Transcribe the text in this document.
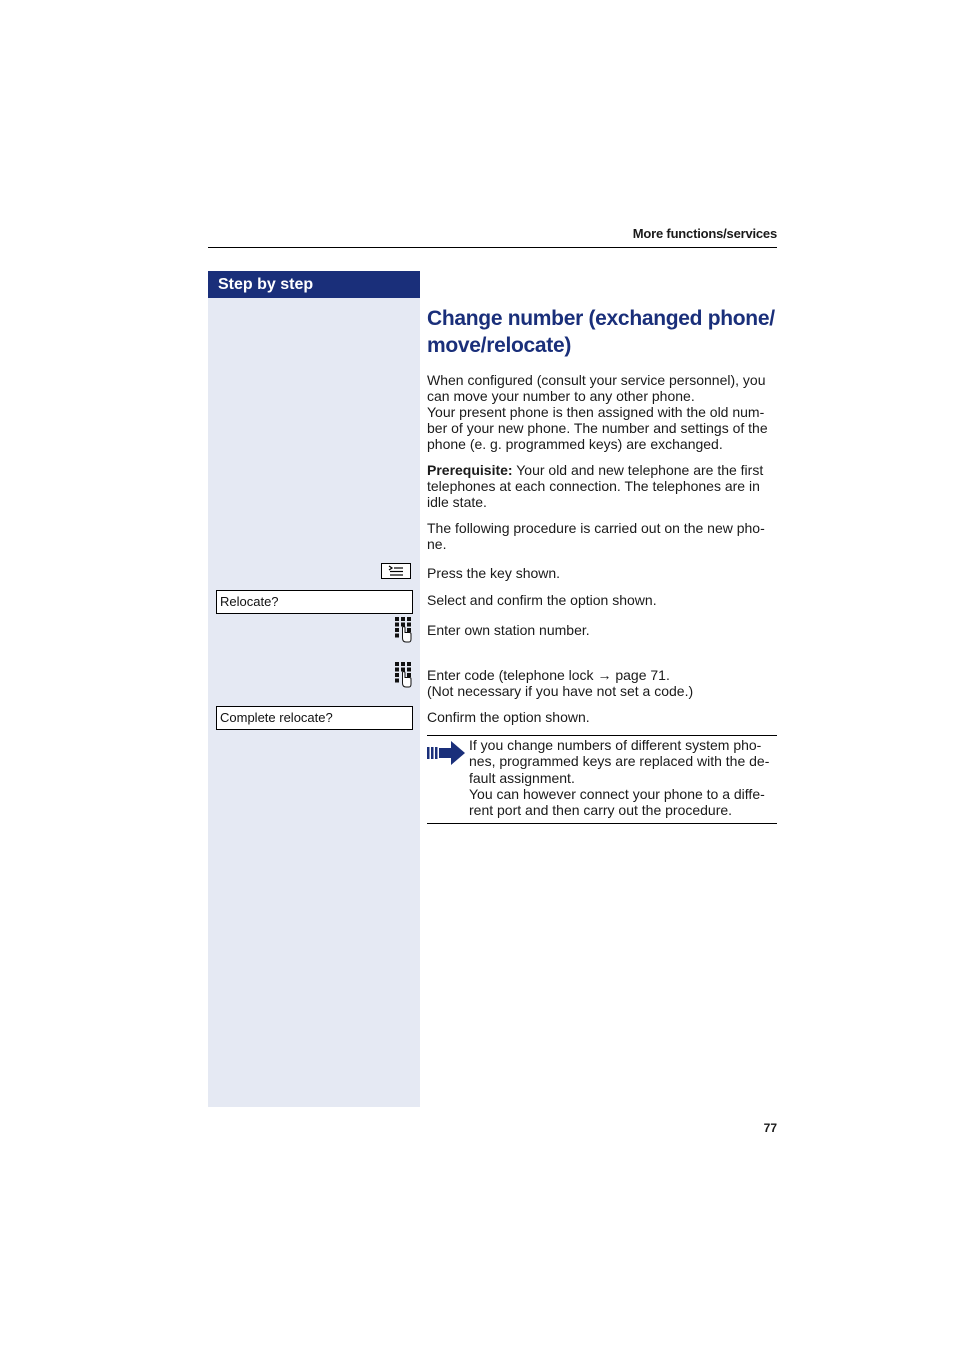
More functions/services
Step by step
Change number (exchanged phone/
move/relocate)
When configured (consult your service personnel), you
can move your number to any other phone.
Your present phone is then assigned with the old num-
ber of your new phone. The number and settings of the
phone (e. g. programmed keys) are exchanged.
Prerequisite: Your old and new telephone are the first
telephones at each connection. The telephones are in
idle state.
The following procedure is carried out on the new pho-
ne.
Press the key shown.
Relocate?	Select and confirm the option shown.
Enter own station number.
Enter code (telephone lock → page 71.
(Not necessary if you have not set a code.)
Complete relocate?	Confirm the option shown.
If you change numbers of different system pho-
nes, programmed keys are replaced with the de-
fault assignment.
You can however connect your phone to a diffe-
rent port and then carry out the procedure.
77
